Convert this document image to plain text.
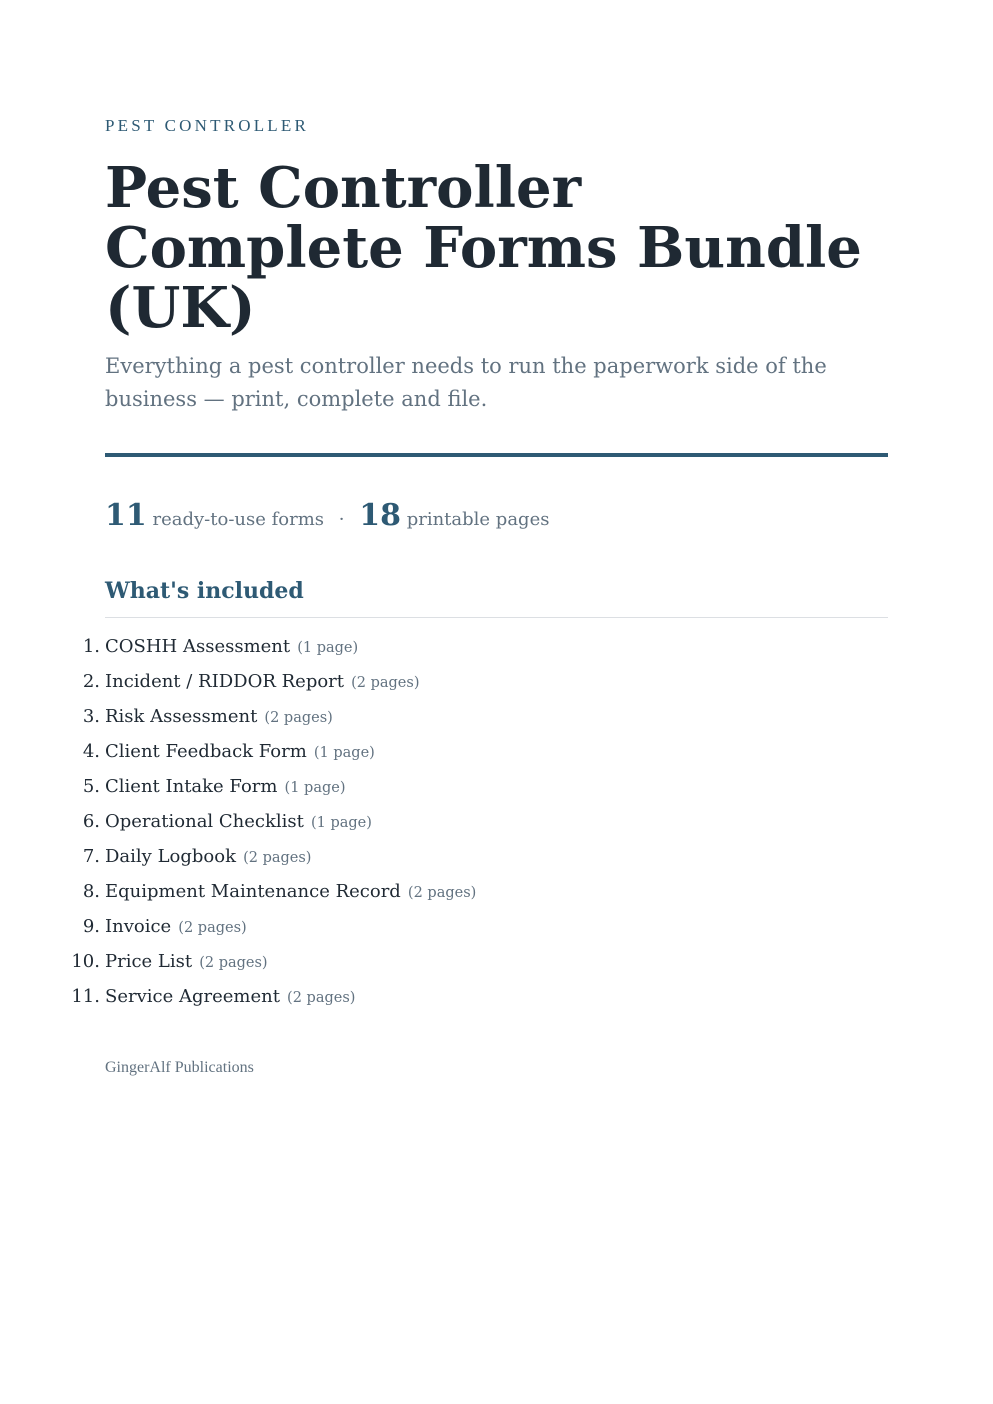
PEST CONTROLLER

Pest Controller Complete Forms Bundle (UK)

Everything a pest controller needs to run the paperwork side of the business — print, complete and file.

11 ready-to-use forms · 18 printable pages
What's included
1. COSHH Assessment (1 page)
2. Incident / RIDDOR Report (2 pages)
3. Risk Assessment (2 pages)
4. Client Feedback Form (1 page)
5. Client Intake Form (1 page)
6. Operational Checklist (1 page)
7. Daily Logbook (2 pages)
8. Equipment Maintenance Record (2 pages)
9. Invoice (2 pages)
10. Price List (2 pages)
11. Service Agreement (2 pages)

GingerAlf Publications
